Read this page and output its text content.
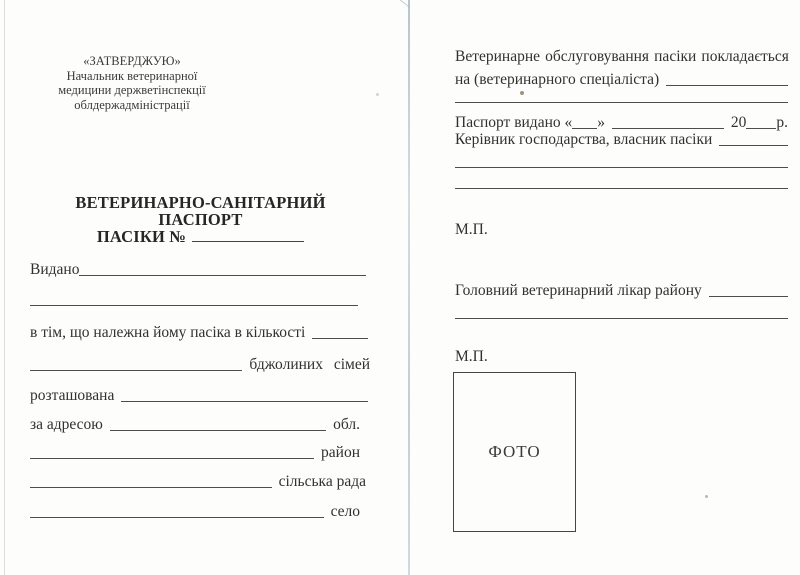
«ЗАТВЕРДЖУЮ»
Начальник ветеринарної
медицини держветінспекції
облдержадміністрації
ВЕТЕРИНАРНО-САНІТАРНИЙ
ПАСПОРТ
ПАСІКИ №
Видано
в тім, що належна йому пасіка в кількості
бджолиних сімей
розташована
за адресою	обл.
район
сільська рада
село
Ветеринарне обслуговування пасіки покладається
на (ветеринарного спеціаліста)
Паспорт видано « »	20 р.
Керівник господарства, власник пасіки
М.П.
Головний ветеринарний лікар району
М.П.
ФОТО
